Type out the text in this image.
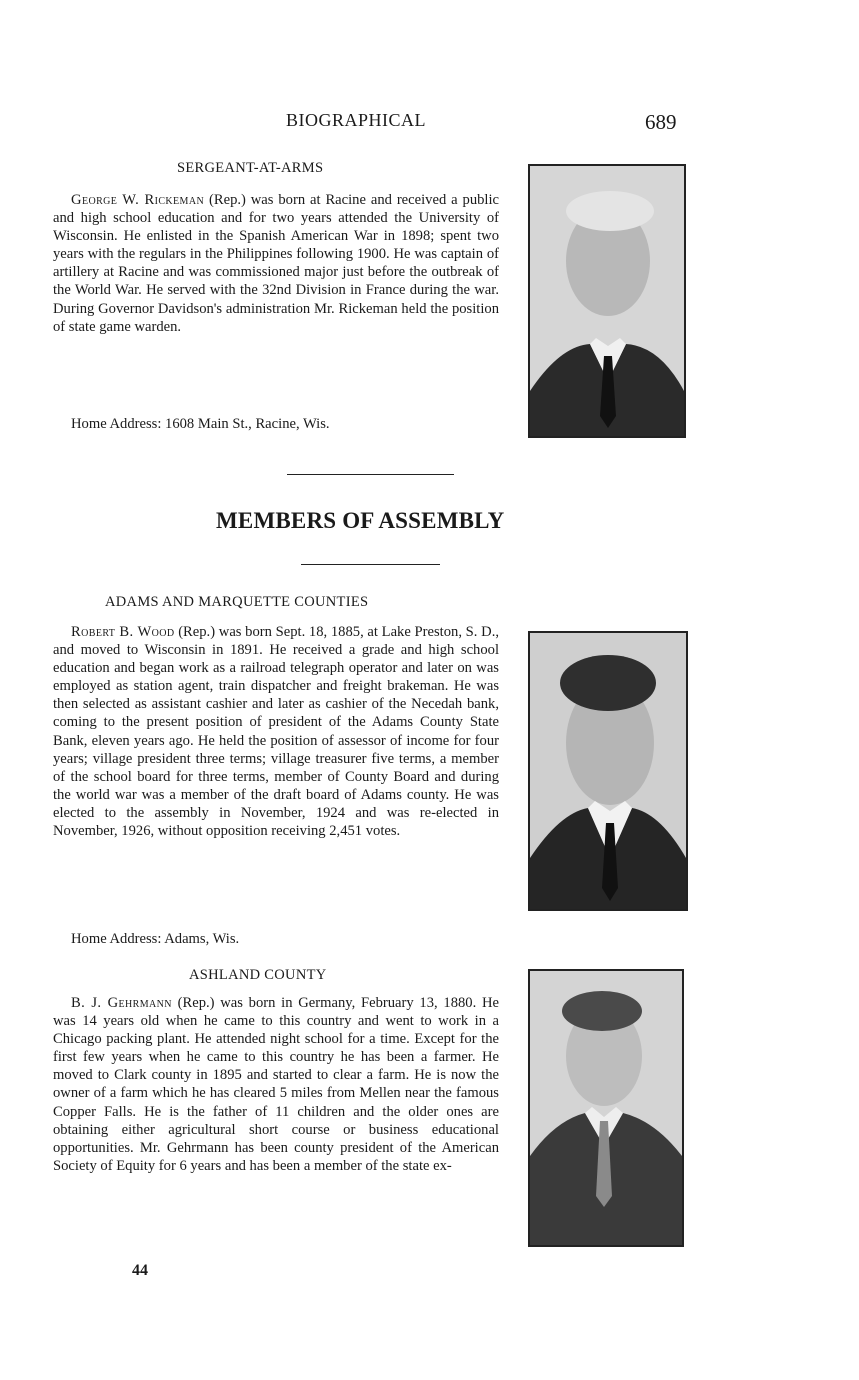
BIOGRAPHICAL	689
SERGEANT-AT-ARMS

George W. Rickeman (Rep.) was born at Racine and received a public and high school education and for two years attended the University of Wisconsin. He enlisted in the Spanish American War in 1898; spent two years with the regulars in the Philippines following 1900. He was captain of artillery at Racine and was commissioned major just before the outbreak of the World War. He served with the 32nd Division in France during the war. During Governor Davidson's administration Mr. Rickeman held the position of state game warden.

Home Address: 1608 Main St., Racine, Wis.
MEMBERS OF ASSEMBLY
ADAMS AND MARQUETTE COUNTIES

Robert B. Wood (Rep.) was born Sept. 18, 1885, at Lake Preston, S. D., and moved to Wisconsin in 1891. He received a grade and high school education and began work as a railroad telegraph operator and later on was employed as station agent, train dispatcher and freight brakeman. He was then selected as assistant cashier and later as cashier of the Necedah bank, coming to the present position of president of the Adams County State Bank, eleven years ago. He held the position of assessor of income for four years; village president three terms; village treasurer five terms, a member of the school board for three terms, member of County Board and during the world war was a member of the draft board of Adams county. He was elected to the assembly in November, 1924 and was re-elected in November, 1926, without opposition receiving 2,451 votes.

Home Address: Adams, Wis.
ASHLAND COUNTY

B. J. Gehrmann (Rep.) was born in Germany, February 13, 1880. He was 14 years old when he came to this country and went to work in a Chicago packing plant. He attended night school for a time. Except for the first few years when he came to this country he has been a farmer. He moved to Clark county in 1895 and started to clear a farm. He is now the owner of a farm which he has cleared 5 miles from Mellen near the famous Copper Falls. He is the father of 11 children and the older ones are obtaining either agricultural short course or business educational opportunities. Mr. Gehrmann has been county president of the American Society of Equity for 6 years and has been a member of the state ex-

44
